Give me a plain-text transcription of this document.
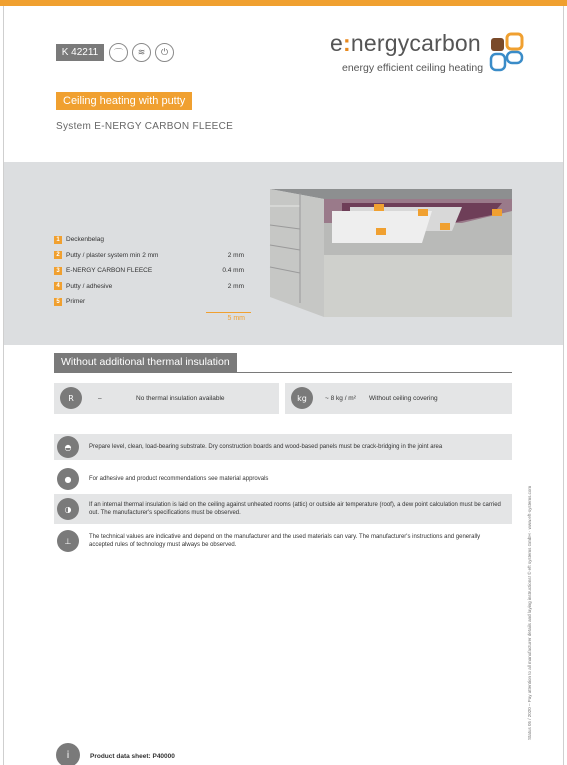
K 42211	⌒	≋	⏻	e:nergycarbon
energy efficient ceiling heating
Ceiling heating with putty
System E-NERGY CARBON FLEECE
1 Deckenbelag
2 Putty / plaster system min 2 mm	2 mm
3 E-NERGY CARBON FLEECE	0.4 mm
4 Putty / adhesive	2 mm
5 Primer
5 mm
Without additional thermal insulation
R	–	No thermal insulation available	kg	~ 8 kg / m² Without ceiling covering
◓	Prepare level, clean, load-bearing substrate. Dry construction boards and wood-based panels must be crack-bridging in the joint area
●	For adhesive and product recommendations see material approvals
◑	If an internal thermal insulation is laid on the ceiling against unheated rooms (attic) or outside air temperature (roof), a dew point calculation must be carried out. The manufacturer's specifications must be observed.
⊥	The technical values are indicative and depend on the manufacturer and the used materials can vary. The manufacturer's instructions and generally accepted rules of technology must always be observed.	Status 05 / 2020 – Pay attention to all manufacturer details and laying instructions! © eft systems GmbH · www.eft-systems.com
i	Product data sheet: P40000
